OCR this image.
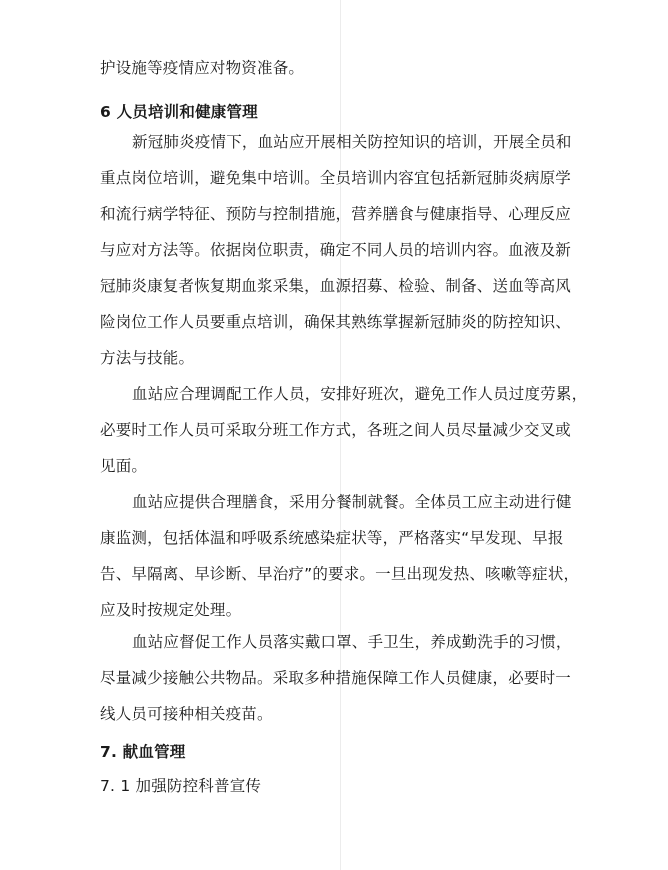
护设施等疫情应对物资准备。
6 人员培训和健康管理
新冠肺炎疫情下，血站应开展相关防控知识的培训，开展全员和
重点岗位培训，避免集中培训。全员培训内容宜包括新冠肺炎病原学
和流行病学特征、预防与控制措施，营养膳食与健康指导、心理反应
与应对方法等。依据岗位职责，确定不同人员的培训内容。血液及新
冠肺炎康复者恢复期血浆采集，血源招募、检验、制备、送血等高风
险岗位工作人员要重点培训，确保其熟练掌握新冠肺炎的防控知识、
方法与技能。
血站应合理调配工作人员，安排好班次，避免工作人员过度劳累，
必要时工作人员可采取分班工作方式，各班之间人员尽量减少交叉或
见面。
血站应提供合理膳食，采用分餐制就餐。全体员工应主动进行健
康监测，包括体温和呼吸系统感染症状等，严格落实“早发现、早报
告、早隔离、早诊断、早治疗”的要求。一旦出现发热、咳嗽等症状，
应及时按规定处理。
血站应督促工作人员落实戴口罩、手卫生，养成勤洗手的习惯，
尽量减少接触公共物品。采取多种措施保障工作人员健康，必要时一
线人员可接种相关疫苗。
7. 献血管理
7. 1 加强防控科普宣传
